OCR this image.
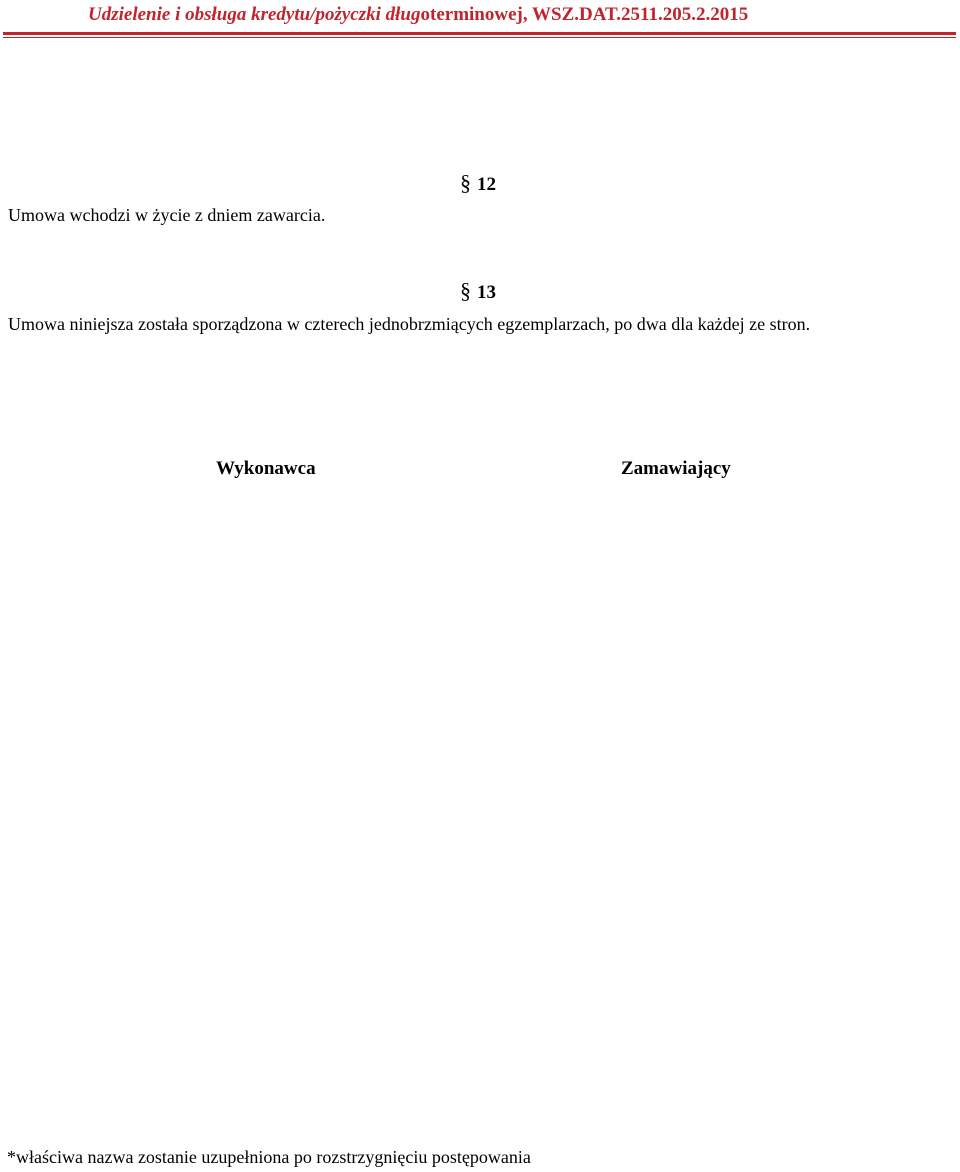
Udzielenie i obsługa kredytu/pożyczki długoterminowej, WSZ.DAT.2511.205.2.2015
§ 12
Umowa wchodzi w życie z dniem zawarcia.
§ 13
Umowa niniejsza została sporządzona w czterech jednobrzmiących egzemplarzach, po dwa dla każdej ze stron.
Wykonawca	Zamawiający
*właściwa nazwa zostanie uzupełniona po rozstrzygnięciu postępowania
